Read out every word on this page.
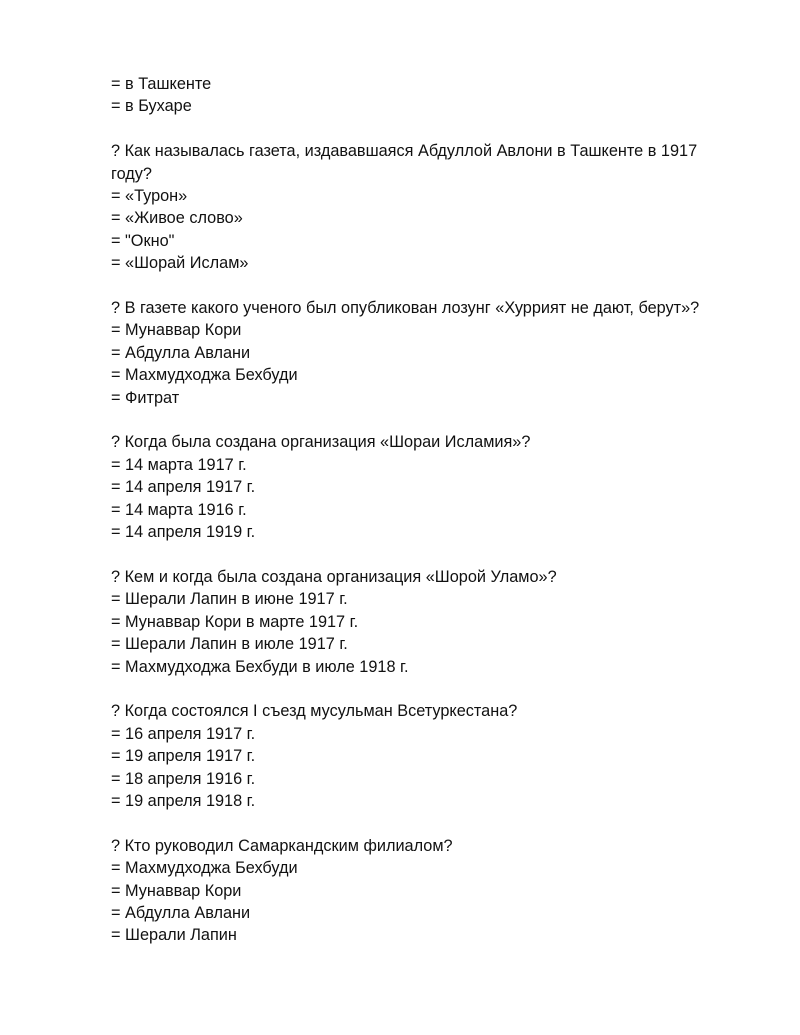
= в Ташкенте

= в Бухаре

? Как называлась газета, издававшаяся Абдуллой Авлони в Ташкенте в 1917 году?

= «Турон»

= «Живое слово»

= "Окно"

= «Шорай Ислам»

? В газете какого ученого был опубликован лозунг «Хуррият не дают, берут»?

= Мунаввар Кори

= Абдулла Авлани

= Махмудходжа Бехбуди

= Фитрат

? Когда была создана организация «Шораи Исламия»?

= 14 марта 1917 г.

= 14 апреля 1917 г.

= 14 марта 1916 г.

= 14 апреля 1919 г.

? Кем и когда была создана организация «Шорой Уламо»?

= Шерали Лапин в июне 1917 г.

= Мунаввар Кори в марте 1917 г.

= Шерали Лапин в июле 1917 г.

= Махмудходжа Бехбуди в июле 1918 г.

? Когда состоялся I съезд мусульман Всетуркестана?

= 16 апреля 1917 г.

= 19 апреля 1917 г.

= 18 апреля 1916 г.

= 19 апреля 1918 г.

? Кто руководил Самаркандским филиалом?

= Махмудходжа Бехбуди

= Мунаввар Кори

= Абдулла Авлани

= Шерали Лапин
